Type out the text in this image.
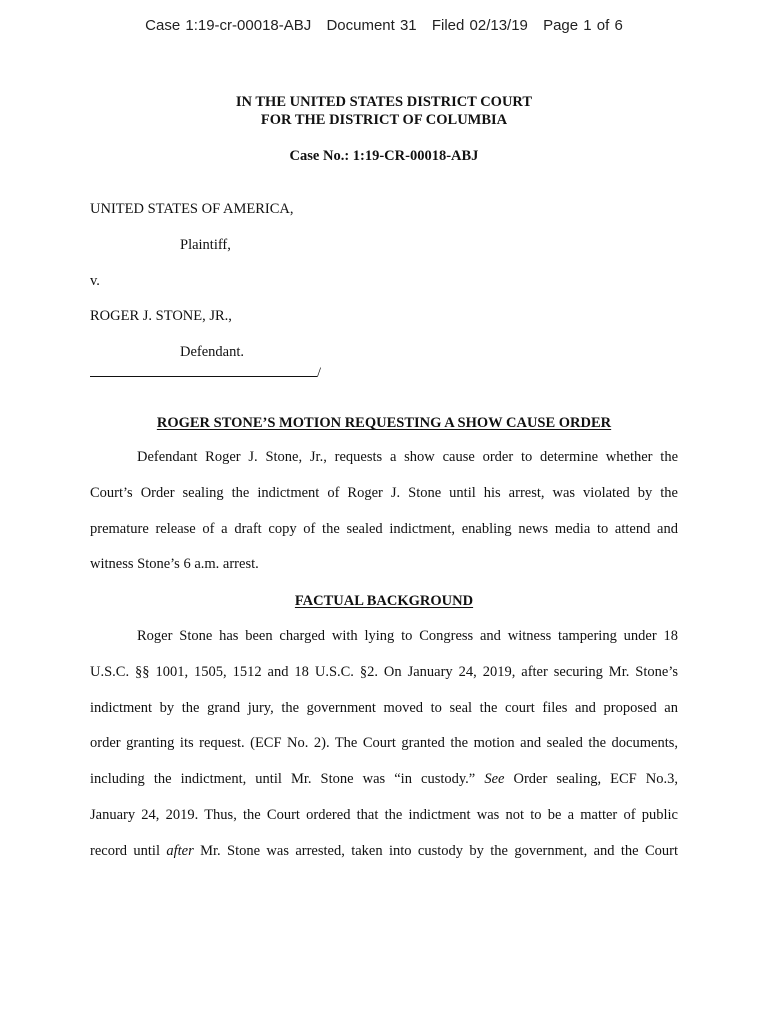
Case 1:19-cr-00018-ABJ Document 31 Filed 02/13/19 Page 1 of 6
IN THE UNITED STATES DISTRICT COURT
FOR THE DISTRICT OF COLUMBIA
Case No.: 1:19-CR-00018-ABJ
UNITED STATES OF AMERICA,
Plaintiff,
v.
ROGER J. STONE, JR.,
Defendant.
/
ROGER STONE’S MOTION REQUESTING A SHOW CAUSE ORDER
Defendant Roger J. Stone, Jr., requests a show cause order to determine whether the
Court’s Order sealing the indictment of Roger J. Stone until his arrest, was violated by the
premature release of a draft copy of the sealed indictment, enabling news media to attend and
witness Stone’s 6 a.m. arrest.
FACTUAL BACKGROUND
Roger Stone has been charged with lying to Congress and witness tampering under 18
U.S.C. §§ 1001, 1505, 1512 and 18 U.S.C. §2. On January 24, 2019, after securing Mr. Stone’s
indictment by the grand jury, the government moved to seal the court files and proposed an
order granting its request. (ECF No. 2). The Court granted the motion and sealed the documents,
including the indictment, until Mr. Stone was “in custody.” See Order sealing, ECF No.3,
January 24, 2019. Thus, the Court ordered that the indictment was not to be a matter of public
record until after Mr. Stone was arrested, taken into custody by the government, and the Court
